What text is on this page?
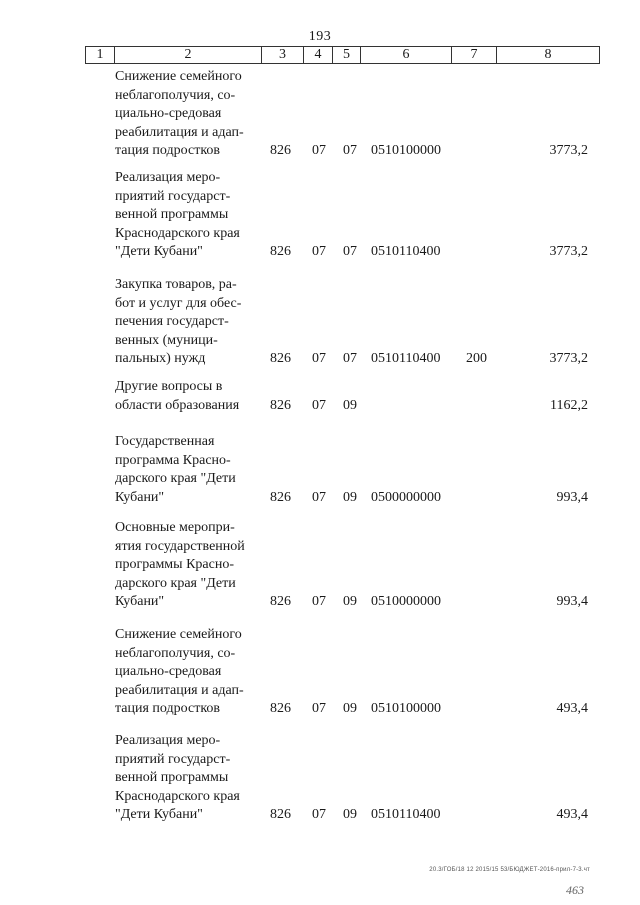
193
1	2	3	4	5	6	7	8
Снижение семейного
неблагополучия, со-
циально-средовая
реабилитация и адап-
тация подростков	826 07 07 0510100000	3773,2
Реализация меро-
приятий государст-
венной программы
Краснодарского края
"Дети Кубани"	826 07 07 0510110400	3773,2
Закупка товаров, ра-
бот и услуг для обес-
печения государст-
венных (муници-
пальных) нужд	826 07 07 0510110400 200	3773,2
Другие вопросы в
области образования	826 07 09	1162,2
Государственная
программа Красно-
дарского края "Дети
Кубани"	826 07 09 0500000000	993,4
Основные меропри-
ятия государственной
программы Красно-
дарского края "Дети
Кубани"	826 07 09 0510000000	993,4
Снижение семейного
неблагополучия, со-
циально-средовая
реабилитация и адап-
тация подростков	826 07 09 0510100000	493,4
Реализация меро-
приятий государст-
венной программы
Краснодарского края
"Дети Кубани"	826 07 09 0510110400	493,4
20.3/ГОБ/18 12 2015/15 53/БЮДЖЕТ-2016-прил-7-3.чт
463
